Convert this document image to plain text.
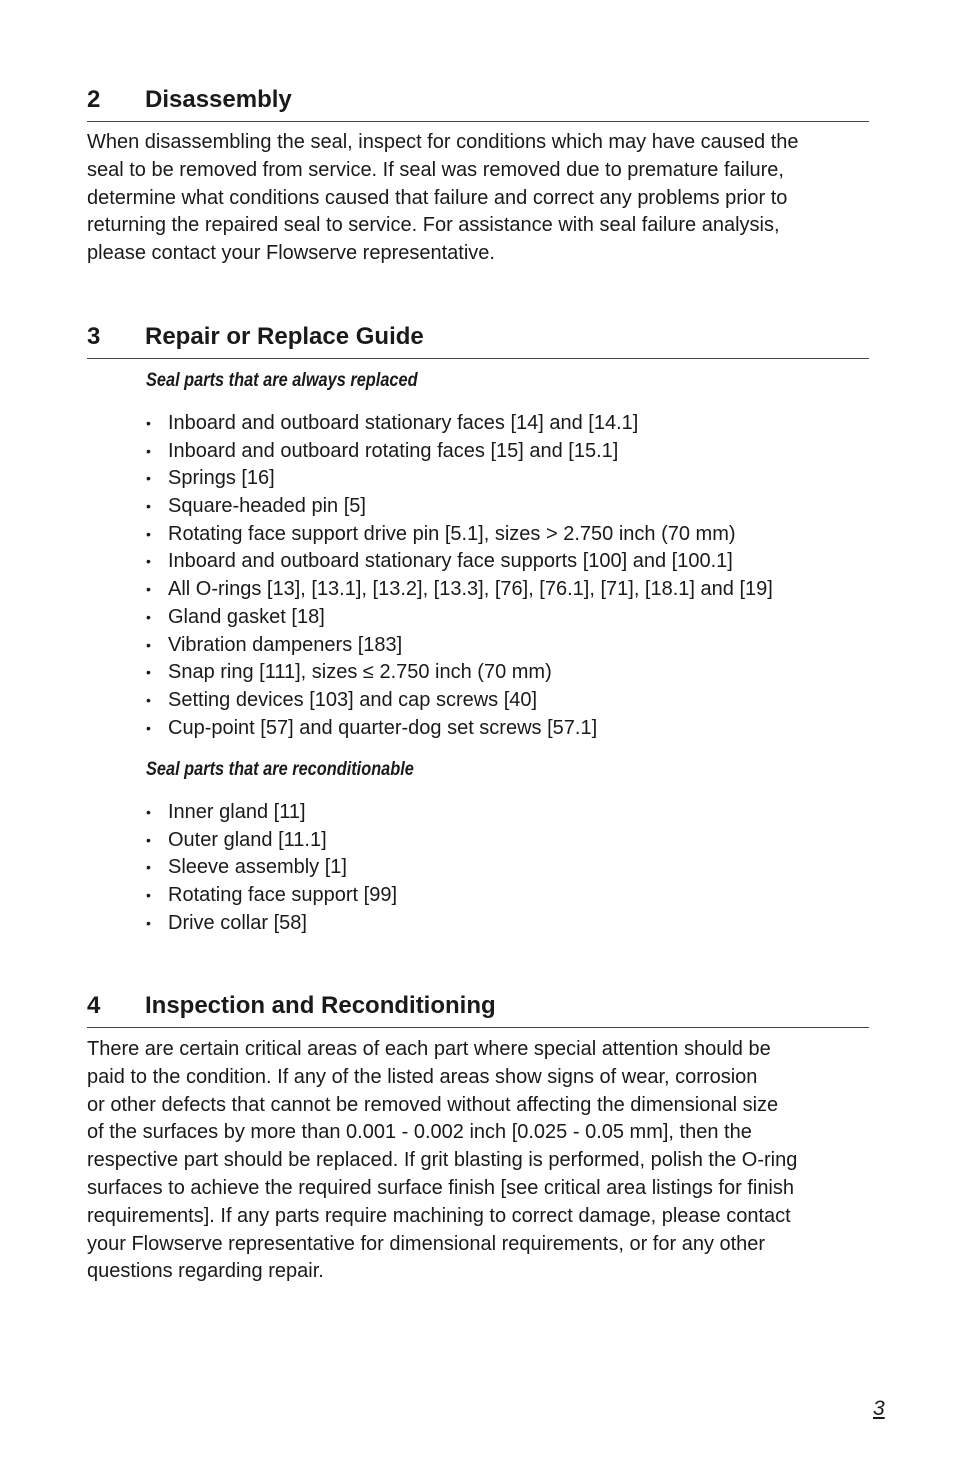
2 Disassembly
When disassembling the seal, inspect for conditions which may have caused the
seal to be removed from service. If seal was removed due to premature failure,
determine what conditions caused that failure and correct any problems prior to
returning the repaired seal to service. For assistance with seal failure analysis,
please contact your Flowserve representative.
3 Repair or Replace Guide
Seal parts that are always replaced
• Inboard and outboard stationary faces [14] and [14.1]
• Inboard and outboard rotating faces [15] and [15.1]
• Springs [16]
• Square-headed pin [5]
• Rotating face support drive pin [5.1], sizes > 2.750 inch (70 mm)
• Inboard and outboard stationary face supports [100] and [100.1]
• All O-rings [13], [13.1], [13.2], [13.3], [76], [76.1], [71], [18.1] and [19]
• Gland gasket [18]
• Vibration dampeners [183]
• Snap ring [111], sizes ≤ 2.750 inch (70 mm)
• Setting devices [103] and cap screws [40]
• Cup-point [57] and quarter-dog set screws [57.1]
Seal parts that are reconditionable
• Inner gland [11]
• Outer gland [11.1]
• Sleeve assembly [1]
• Rotating face support [99]
• Drive collar [58]
4 Inspection and Reconditioning
There are certain critical areas of each part where special attention should be
paid to the condition. If any of the listed areas show signs of wear, corrosion
or other defects that cannot be removed without affecting the dimensional size
of the surfaces by more than 0.001 - 0.002 inch [0.025 - 0.05 mm], then the
respective part should be replaced. If grit blasting is performed, polish the O-ring
surfaces to achieve the required surface finish [see critical area listings for finish
requirements]. If any parts require machining to correct damage, please contact
your Flowserve representative for dimensional requirements, or for any other
questions regarding repair.
3
